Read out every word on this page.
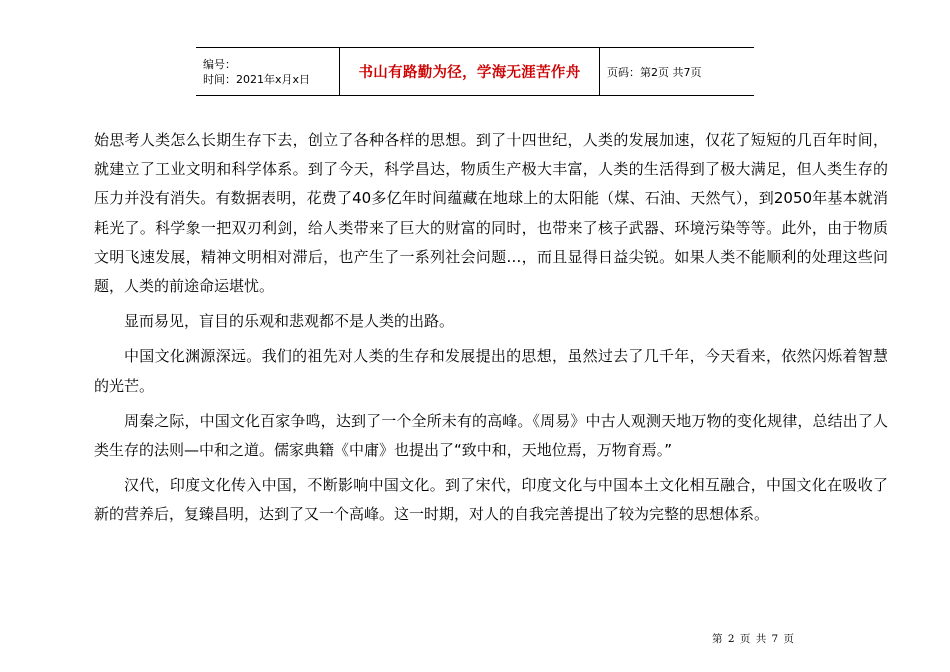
编号：
时间：2021年x月x日	书山有路勤为径，学海无涯苦作舟 页码：第2页 共7页

始思考人类怎么长期生存下去，创立了各种各样的思想。到了十四世纪，人类的发展加速，仅花了短短的几百年时间，就建立了工业文明和科学体系。到了今天，科学昌达，物质生产极大丰富，人类的生活得到了极大满足，但人类生存的压力并没有消失。有数据表明，花费了40多亿年时间蕴藏在地球上的太阳能（煤、石油、天然气），到2050年基本就消耗光了。科学象一把双刃利剑，给人类带来了巨大的财富的同时，也带来了核子武器、环境污染等等。此外，由于物质文明飞速发展，精神文明相对滞后，也产生了一系列社会问题…，而且显得日益尖锐。如果人类不能顺利的处理这些问题，人类的前途命运堪忧。

显而易见，盲目的乐观和悲观都不是人类的出路。

中国文化渊源深远。我们的祖先对人类的生存和发展提出的思想，虽然过去了几千年，今天看来，依然闪烁着智慧的光芒。

周秦之际，中国文化百家争鸣，达到了一个全所未有的高峰。《周易》中古人观测天地万物的变化规律，总结出了人类生存的法则—中和之道。儒家典籍《中庸》也提出了“致中和，天地位焉，万物育焉。”

汉代，印度文化传入中国，不断影响中国文化。到了宋代，印度文化与中国本土文化相互融合，中国文化在吸收了新的营养后，复臻昌明，达到了又一个高峰。这一时期，对人的自我完善提出了较为完整的思想体系。

第 2 页 共 7 页
